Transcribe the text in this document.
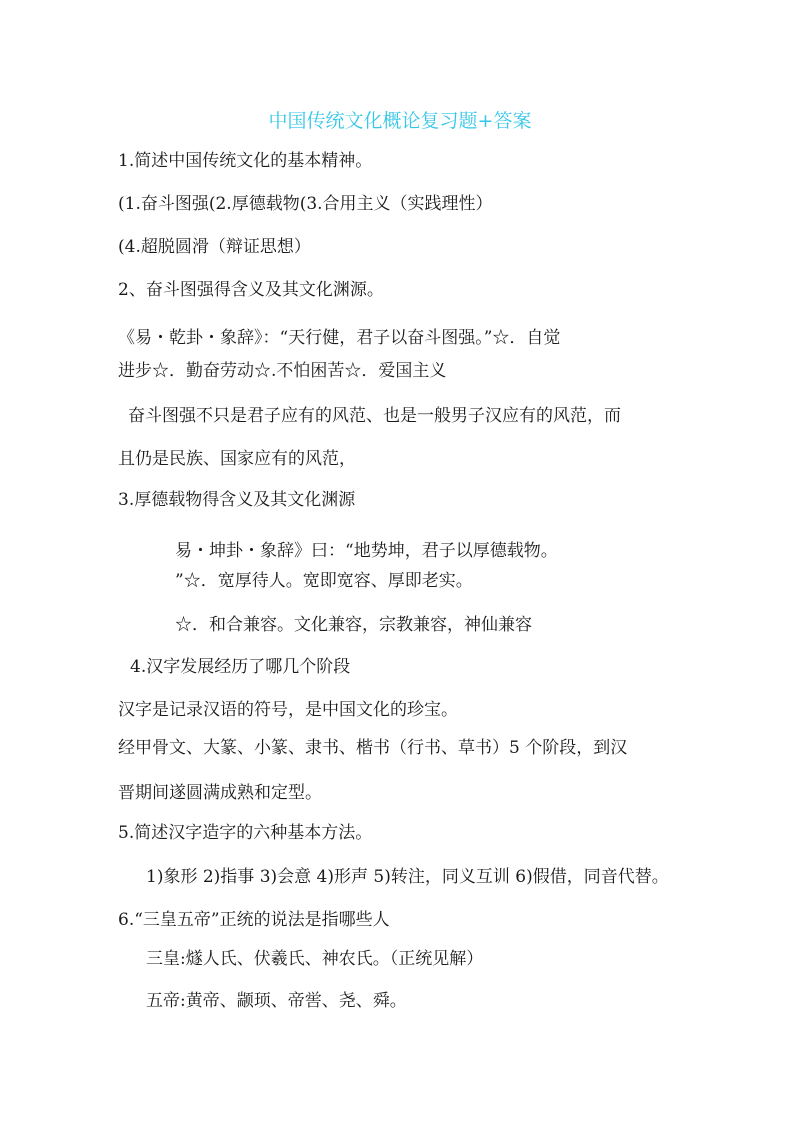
中国传统文化概论复习题+答案
1.简述中国传统文化的基本精神。
(1.奋斗图强(2.厚德载物(3.合用主义（实践理性）
(4.超脱圆滑（辩证思想）
2、奋斗图强得含义及其文化渊源。
《易・乾卦・象辞》：“天行健，君子以奋斗图强。”☆．自觉
进步☆．勤奋劳动☆.不怕困苦☆．爱国主义
奋斗图强不只是君子应有的风范、也是一般男子汉应有的风范，而
且仍是民族、国家应有的风范，
3.厚德载物得含义及其文化渊源
易・坤卦・象辞》曰：“地势坤，君子以厚德载物。
”☆．宽厚待人。宽即宽容、厚即老实。
☆．和合兼容。文化兼容，宗教兼容，神仙兼容
4.汉字发展经历了哪几个阶段
汉字是记录汉语的符号，是中国文化的珍宝。
经甲骨文、大篆、小篆、隶书、楷书（行书、草书）5 个阶段，到汉
晋期间遂圆满成熟和定型。
5.简述汉字造字的六种基本方法。
1)象形 2)指事 3)会意 4)形声 5)转注，同义互训 6)假借，同音代替。
6.“三皇五帝”正统的说法是指哪些人
三皇:燧人氏、伏羲氏、神农氏。（正统见解）
五帝:黄帝、颛顼、帝喾、尧、舜。
